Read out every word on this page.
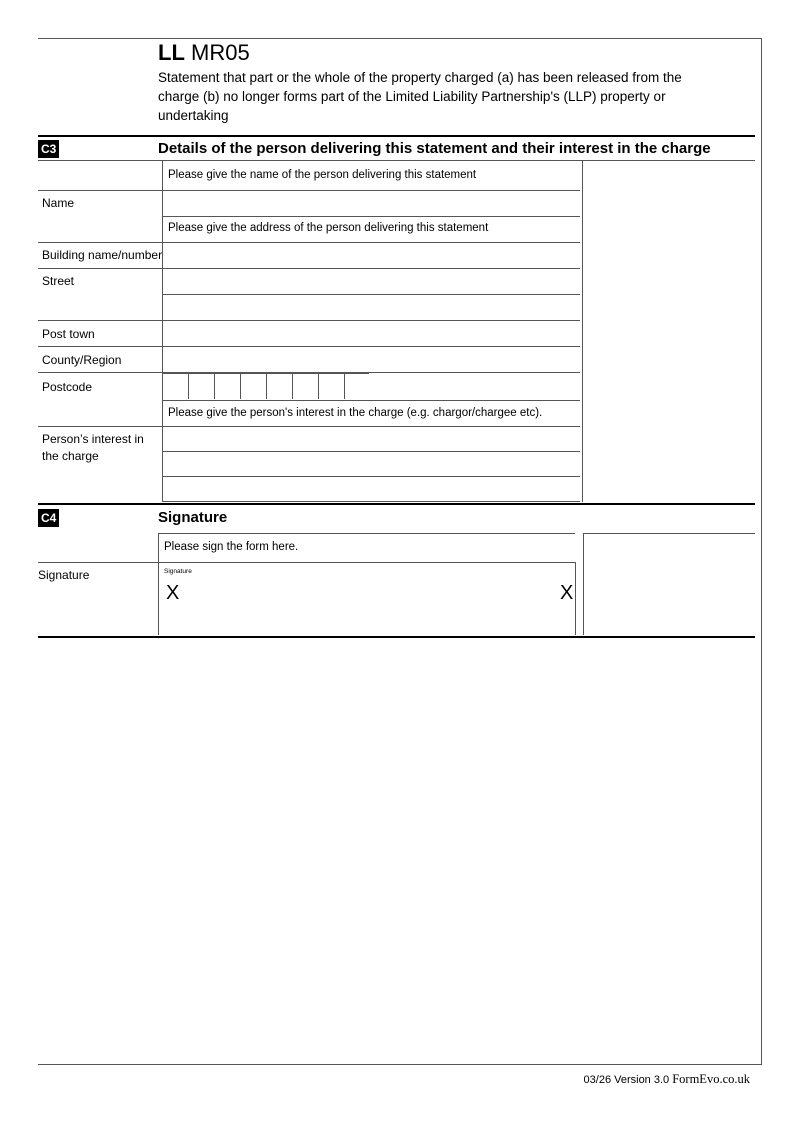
LL MR05
Statement that part or the whole of the property charged (a) has been released from the charge (b) no longer forms part of the Limited Liability Partnership's (LLP) property or undertaking
C3	Details of the person delivering this statement and their interest in the charge
Please give the name of the person delivering this statement
Name
Please give the address of the person delivering this statement
Building name/number
Street
Post town
County/Region
Postcode
Please give the person's interest in the charge (e.g. chargor/chargee etc).
Person’s interest in the charge
C4	Signature
Please sign the form here.
Signature	Signature
X	X
03/26 Version 3.0 FormEvo.co.uk
